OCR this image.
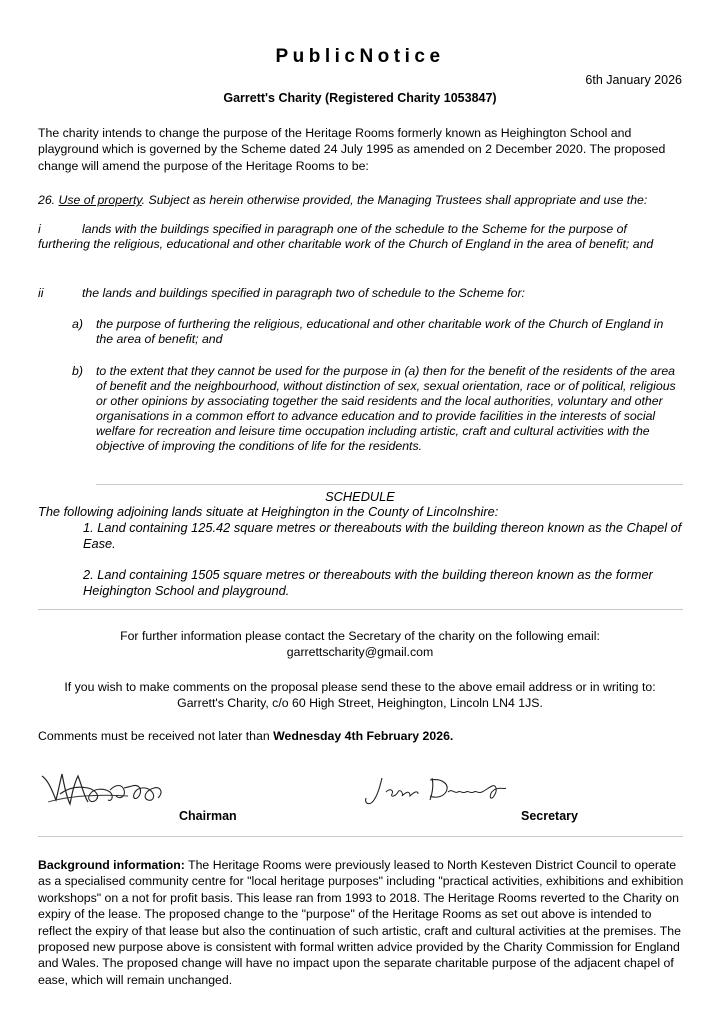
PublicNotice
6th January 2026
Garrett's Charity (Registered Charity 1053847)
The charity intends to change the purpose of the Heritage Rooms formerly known as Heighington School and playground which is governed by the Scheme dated 24 July 1995 as amended on 2 December 2020. The proposed change will amend the purpose of the Heritage Rooms to be:
26. Use of property. Subject as herein otherwise provided, the Managing Trustees shall appropriate and use the:
i	lands with the buildings specified in paragraph one of the schedule to the Scheme for the purpose of furthering the religious, educational and other charitable work of the Church of England in the area of benefit; and
ii	the lands and buildings specified in paragraph two of schedule to the Scheme for:
a) the purpose of furthering the religious, educational and other charitable work of the Church of England in the area of benefit; and
b) to the extent that they cannot be used for the purpose in (a) then for the benefit of the residents of the area of benefit and the neighbourhood, without distinction of sex, sexual orientation, race or of political, religious or other opinions by associating together the said residents and the local authorities, voluntary and other organisations in a common effort to advance education and to provide facilities in the interests of social welfare for recreation and leisure time occupation including artistic, craft and cultural activities with the objective of improving the conditions of life for the residents.
SCHEDULE
The following adjoining lands situate at Heighington in the County of Lincolnshire:
1. Land containing 125.42 square metres or thereabouts with the building thereon known as the Chapel of Ease.
2. Land containing 1505 square metres or thereabouts with the building thereon known as the former Heighington School and playground.
For further information please contact the Secretary of the charity on the following email:
garrettscharity@gmail.com
If you wish to make comments on the proposal please send these to the above email address or in writing to:
Garrett's Charity, c/o 60 High Street, Heighington, Lincoln LN4 1JS.
Comments must be received not later than Wednesday 4th February 2026.
Chairman	Secretary
Background information: The Heritage Rooms were previously leased to North Kesteven District Council to operate as a specialised community centre for "local heritage purposes" including "practical activities, exhibitions and exhibition workshops" on a not for profit basis. This lease ran from 1993 to 2018. The Heritage Rooms reverted to the Charity on expiry of the lease. The proposed change to the "purpose" of the Heritage Rooms as set out above is intended to reflect the expiry of that lease but also the continuation of such artistic, craft and cultural activities at the premises. The proposed new purpose above is consistent with formal written advice provided by the Charity Commission for England and Wales. The proposed change will have no impact upon the separate charitable purpose of the adjacent chapel of ease, which will remain unchanged.
